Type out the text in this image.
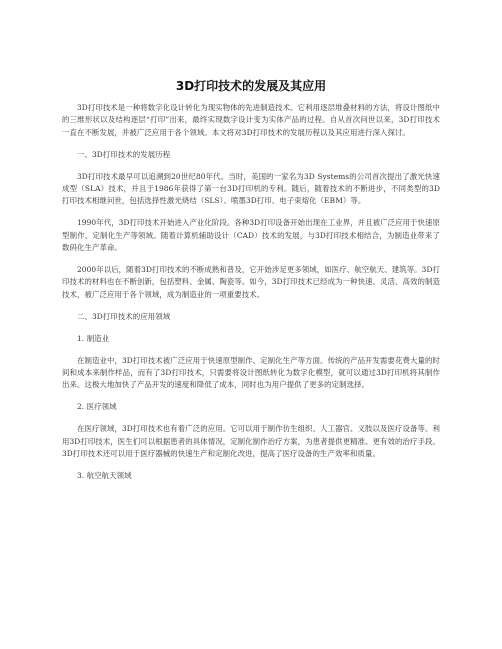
3D打印技术的发展及其应用

3D打印技术是一种将数字化设计转化为现实物体的先进制造技术。它利用逐层堆叠材料的方法，将设计图纸中的三维形状以及结构逐层“打印”出来，最终实现数字设计变为实体产品的过程。自从首次问世以来，3D打印技术一直在不断发展，并被广泛应用于各个领域。本文将对3D打印技术的发展历程以及其应用进行深入探讨。

一、3D打印技术的发展历程

3D打印技术最早可以追溯到20世纪80年代。当时，美国的一家名为3D Systems的公司首次提出了激光快速成型（SLA）技术，并且于1986年获得了第一台3D打印机的专利。随后，随着技术的不断进步，不同类型的3D打印技术相继问世，包括选择性激光烧结（SLS）、喷墨3D打印、电子束熔化（EBM）等。

1990年代，3D打印技术开始进入产业化阶段。各种3D打印设备开始出现在工业界，并且被广泛应用于快速原型制作、定制化生产等领域。随着计算机辅助设计（CAD）技术的发展，与3D打印技术相结合，为制造业带来了数码化生产革命。

2000年以后，随着3D打印技术的不断成熟和普及，它开始涉足更多领域，如医疗、航空航天、建筑等。3D打印技术的材料也在不断创新，包括塑料、金属、陶瓷等。如今，3D打印技术已经成为一种快速、灵活、高效的制造技术，被广泛应用于各个领域，成为制造业的一项重要技术。

二、3D打印技术的应用领域

1. 制造业

在制造业中，3D打印技术被广泛应用于快速原型制作、定制化生产等方面。传统的产品开发需要花费大量的时间和成本来制作样品，而有了3D打印技术，只需要将设计图纸转化为数字化模型，就可以通过3D打印机将其制作出来。这极大地加快了产品开发的速度和降低了成本，同时也为用户提供了更多的定制选择。

2. 医疗领域

在医疗领域，3D打印技术也有着广泛的应用。它可以用于制作仿生组织、人工器官、义肢以及医疗设备等。利用3D打印技术，医生们可以根据患者的具体情况，定制化制作治疗方案，为患者提供更精准、更有效的治疗手段。3D打印技术还可以用于医疗器械的快速生产和定制化改进，提高了医疗设备的生产效率和质量。

3. 航空航天领域
